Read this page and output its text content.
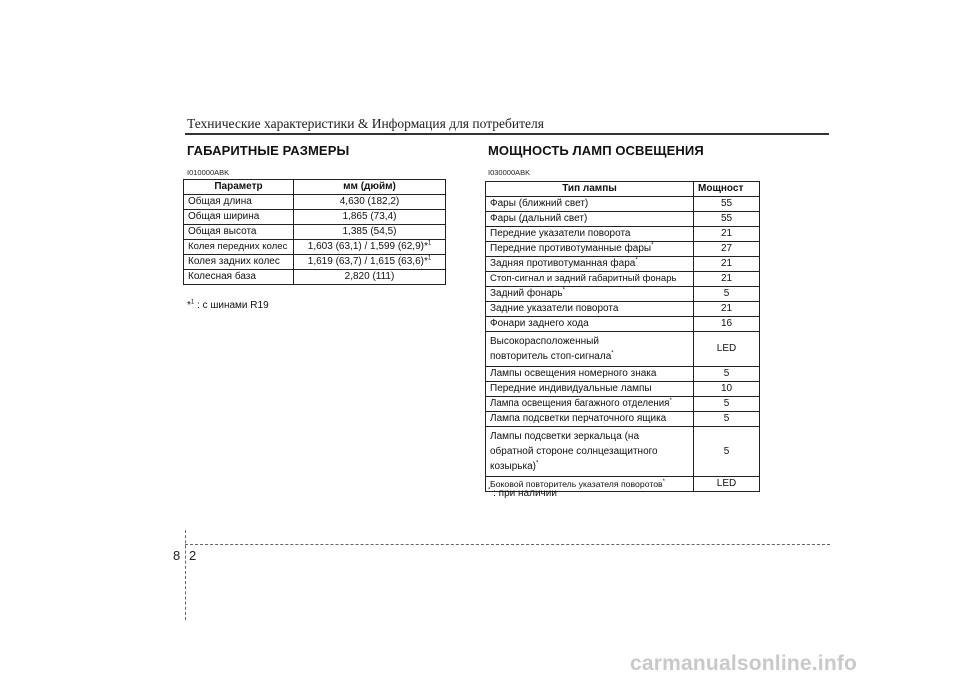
Технические характеристики & Информация для потребителя
ГАБАРИТНЫЕ РАЗМЕРЫ
I010000ABK
Параметр	мм (дюйм)
Общая длина	4,630 (182,2)
Общая ширина	1,865 (73,4)
Общая высота	1,385 (54,5)
Колея передних колес	1,603 (63,1) / 1,599 (62,9)*$^1$
Колея задних колес	1,619 (63,7) / 1,615 (63,6)*$^1$
Колесная база	2,820 (111)
*$^1$ : с шинами R19
МОЩНОСТЬ ЛАМП ОСВЕЩЕНИЯ
I030000ABK
Тип лампы	Мощност
Фары (ближний свет)	55
Фары (дальний свет)	55
Передние указатели поворота	21
Передние противотуманные фары*	27
Задняя противотуманная фара*	21
Стоп-сигнал и задний габаритный фонарь	21
Задний фонарь*	5
Задние указатели поворота	21
Фонари заднего хода	16
Высокорасположенный
повторитель стоп-сигнала*	LED
Лампы освещения номерного знака	5
Передние индивидуальные лампы	10
Лампа освещения багажного отделения*	5
Лампа подсветки перчаточного ящика	5
Лампы подсветки зеркальца (на
обратной стороне солнцезащитного
козырька)*	5
Боковой повторитель указателя поворотов*	LED
* : при наличии
8 2
carmanualsonline.info
